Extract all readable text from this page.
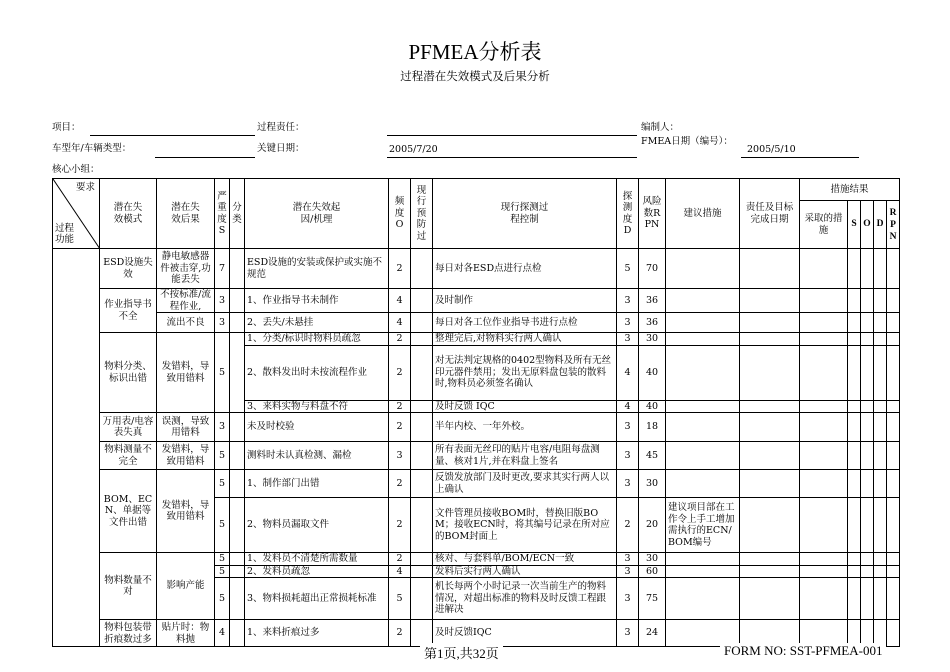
PFMEA分析表
过程潜在失效模式及后果分析
项目：	过程责任：	编制人：
车型年/车辆类型：	关键日期：	2005/7/20
FMEA日期（编号）：
2005/5/10
核心小组：
要求
过程功能	潜在失效模式	潜在失效后果	严重度S	分类	潜在失效起因/机理	频度O	现行预防过	现行探测过程控制	探测度D	风险数RPN	建议措施	责任及目标完成日期	措施结果				

													采取的措施	S	O	D	R P N

	ESD设施失效	静电敏感器件被击穿,功能丢失	7		ESD设施的安装或保护或实施不规范	2		每日对各ESD点进行点检	5	70							
	作业指导书不全	不按标准/流程作业,	3		1、作业指导书未制作	4		及时制作	3	36							
		流出不良	3		2、丢失/未悬挂	4		每日对各工位作业指导书进行点检	3	36							
	物料分类、标识出错	发错料，导致用错料	5		1、分类/标识时物料员疏忽	2		整理完后,对物料实行两人确认	3	30							
					2、散料发出时未按流程作业	2		对无法判定规格的0402型物料及所有无丝印元器件禁用；发出无原料盘包装的散料时,物料员必须签名确认	4	40							
					3、来料实物与料盘不符	2		及时反馈 IQC	4	40							
	万用表/电容表失真	误测，导致用错料	3		未及时校验	2		半年内校、一年外校。	3	18							
	物料测量不完全	发错料，导致用错料	5		测料时未认真检测、漏检	3		所有表面无丝印的贴片电容/电阻每盘测量、核对1片,并在料盘上签名	3	45							
	BOM、ECN、单据等文件出错	发错料，导致用错料	5		1、制作部门出错	2		反馈发放部门及时更改,要求其实行两人以上确认	3	30							
			5		2、物料员漏取文件	2		文件管理员接收BOM时，替换旧版BOM；接收ECN时，将其编号记录在所对应的BOM封面上	2	20	建议项目部在工作令上手工增加需执行的ECN/BOM编号						
	物料数量不对	影响产能	5		1、发料员不清楚所需数量	2		核对、与套料单/BOM/ECN一致	3	30							
			5		2、发料员疏忽	4		发料后实行两人确认	3	60							
			5		3、物料损耗超出正常损耗标准	5		机长每两个小时记录一次当前生产的物料情况，对超出标准的物料及时反馈工程跟进解决	3	75							
	物料包装带折痕数过多	贴片时：物料抛	4		1、来料折痕过多	2		及时反馈IQC	3	24							
第1页,共32页	FORM NO: SST-PFMEA-001
